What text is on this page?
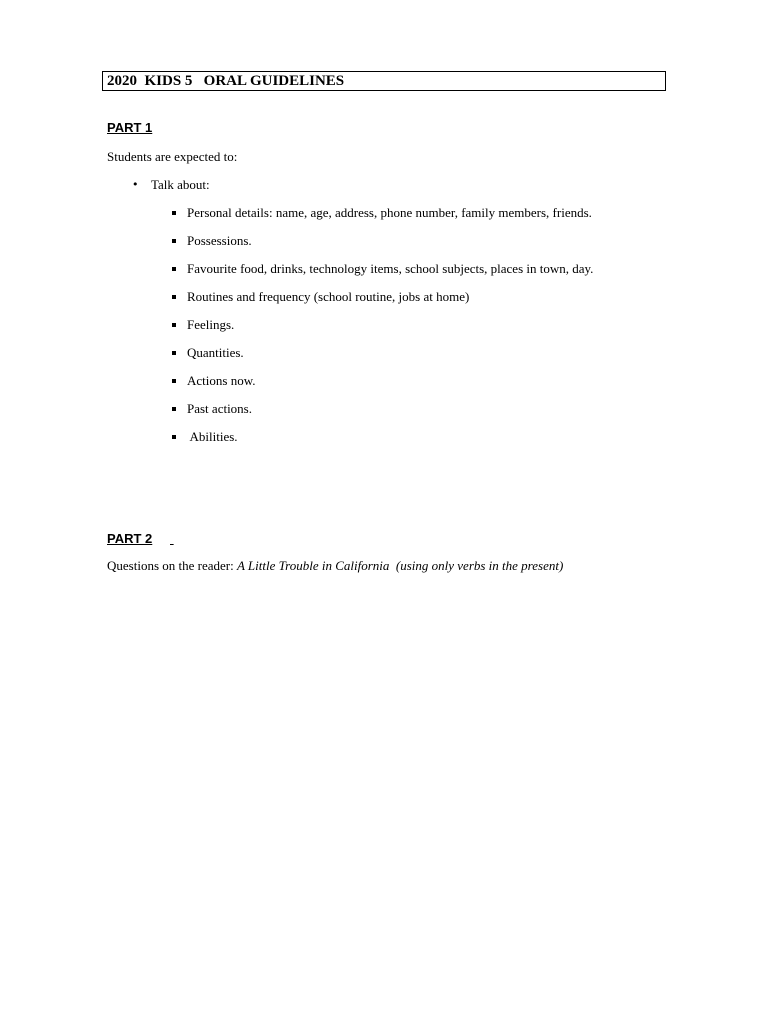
2020  KIDS 5   ORAL GUIDELINES
PART 1
Students are expected to:
• Talk about:
Personal details: name, age, address, phone number, family members, friends.
Possessions.
Favourite food, drinks, technology items, school subjects, places in town, day.
Routines and frequency (school routine, jobs at home)
Feelings.
Quantities.
Actions now.
Past actions.
Abilities.
PART 2

Questions on the reader: A Little Trouble in California  (using only verbs in the present)
